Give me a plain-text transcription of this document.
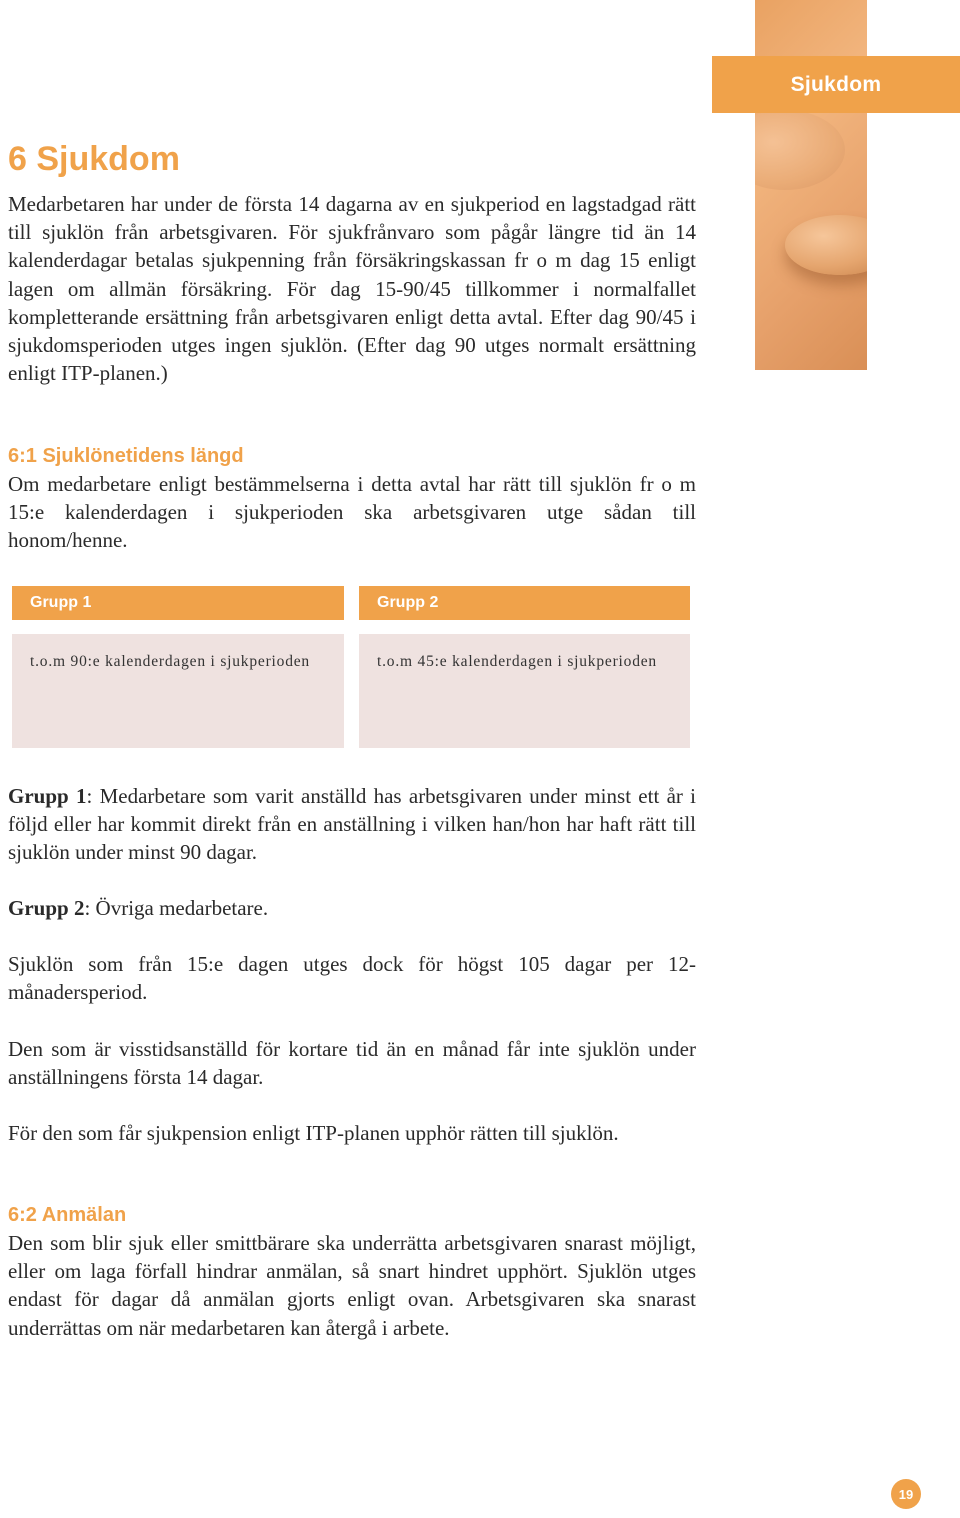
Sjukdom
6 Sjukdom

Medarbetaren har under de första 14 dagarna av en sjukperiod en lagstadgad rätt till sjuklön från arbetsgivaren. För sjukfrånvaro som pågår längre tid än 14 kalenderdagar betalas sjukpenning från försäkringskassan fr o m dag 15 enligt lagen om allmän försäkring. För dag 15-90/45 tillkommer i normalfallet kompletterande ersättning från arbetsgivaren enligt detta avtal. Efter dag 90/45 i sjukdomsperioden utges ingen sjuklön. (Efter dag 90 utges normalt ersättning enligt ITP-planen.)

6:1 Sjuklönetidens längd

Om medarbetare enligt bestämmelserna i detta avtal har rätt till sjuklön fr o m 15:e kalenderdagen i sjukperioden ska arbetsgivaren utge sådan till honom/henne.

Grupp 1
t.o.m 90:e kalenderdagen i sjukperioden
Grupp 2
t.o.m 45:e kalenderdagen i sjukperioden

Grupp 1: Medarbetare som varit anställd has arbetsgivaren under minst ett år i följd eller har kommit direkt från en anställning i vilken han/hon har haft rätt till sjuklön under minst 90 dagar.

Grupp 2: Övriga medarbetare.

Sjuklön som från 15:e dagen utges dock för högst 105 dagar per 12-månadersperiod.

Den som är visstidsanställd för kortare tid än en månad får inte sjuklön under anställningens första 14 dagar.

För den som får sjukpension enligt ITP-planen upphör rätten till sjuklön.

6:2 Anmälan

Den som blir sjuk eller smittbärare ska underrätta arbetsgivaren snarast möjligt, eller om laga förfall hindrar anmälan, så snart hindret upphört. Sjuklön utges endast för dagar då anmälan gjorts enligt ovan. Arbetsgivaren ska snarast underrättas om när medarbetaren kan återgå i arbete.

19
